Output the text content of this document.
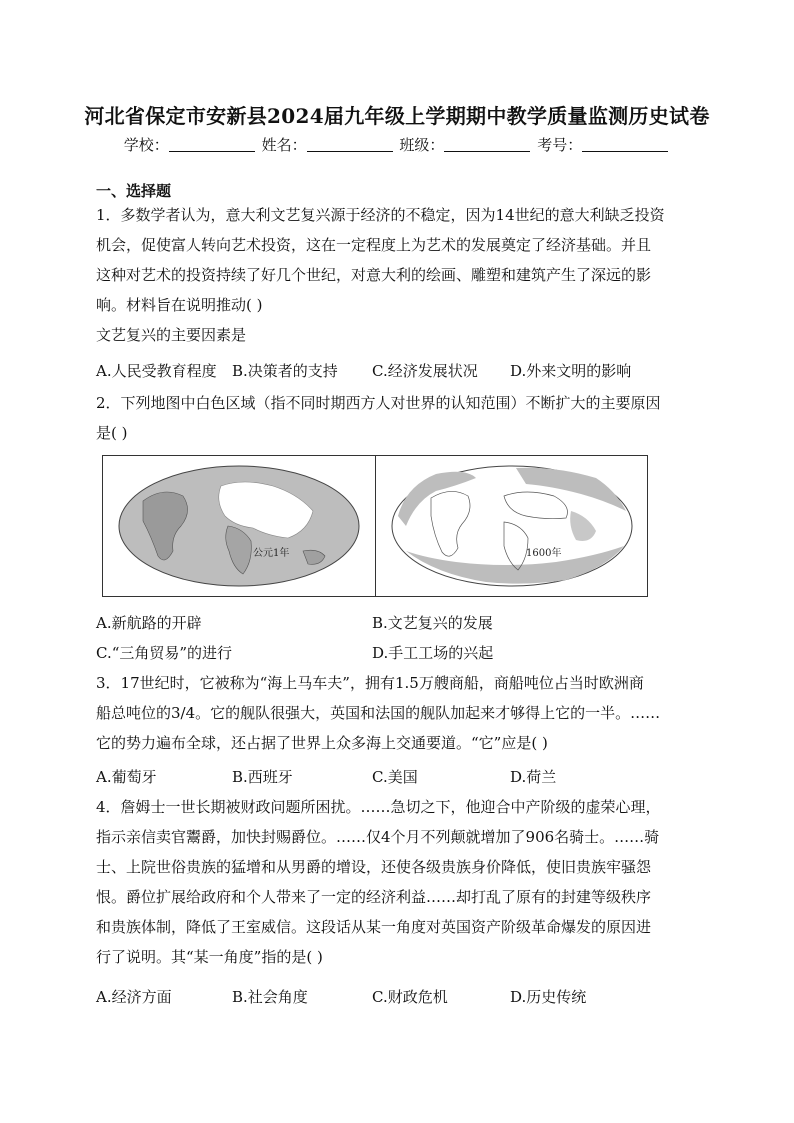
河北省保定市安新县2024届九年级上学期期中教学质量监测历史试卷
学校：	姓名：	班级：	考号：
一、选择题
1．多数学者认为，意大利文艺复兴源于经济的不稳定，因为14世纪的意大利缺乏投资
机会，促使富人转向艺术投资，这在一定程度上为艺术的发展奠定了经济基础。并且
这种对艺术的投资持续了好几个世纪，对意大利的绘画、雕塑和建筑产生了深远的影
响。材料旨在说明推动( )
文艺复兴的主要因素是
A.人民受教育程度 B.决策者的支持 C.经济发展状况 D.外来文明的影响
2．下列地图中白色区域（指不同时期西方人对世界的认知范围）不断扩大的主要原因
是( )
公元1年	1600年
A.新航路的开辟	B.文艺复兴的发展
C.“三角贸易”的进行	D.手工工场的兴起
3．17世纪时，它被称为“海上马车夫”，拥有1.5万艘商船，商船吨位占当时欧洲商
船总吨位的3/4。它的舰队很强大，英国和法国的舰队加起来才够得上它的一半。……
它的势力遍布全球，还占据了世界上众多海上交通要道。“它”应是( )
A.葡萄牙	B.西班牙	C.美国	D.荷兰
4．詹姆士一世长期被财政问题所困扰。……急切之下，他迎合中产阶级的虚荣心理，
指示亲信卖官鬻爵，加快封赐爵位。……仅4个月不列颠就增加了906名骑士。……骑
士、上院世俗贵族的猛增和从男爵的增设，还使各级贵族身价降低，使旧贵族牢骚怨
恨。爵位扩展给政府和个人带来了一定的经济利益……却打乱了原有的封建等级秩序
和贵族体制，降低了王室威信。这段话从某一角度对英国资产阶级革命爆发的原因进
行了说明。其“某一角度”指的是( )
A.经济方面	B.社会角度	C.财政危机	D.历史传统
